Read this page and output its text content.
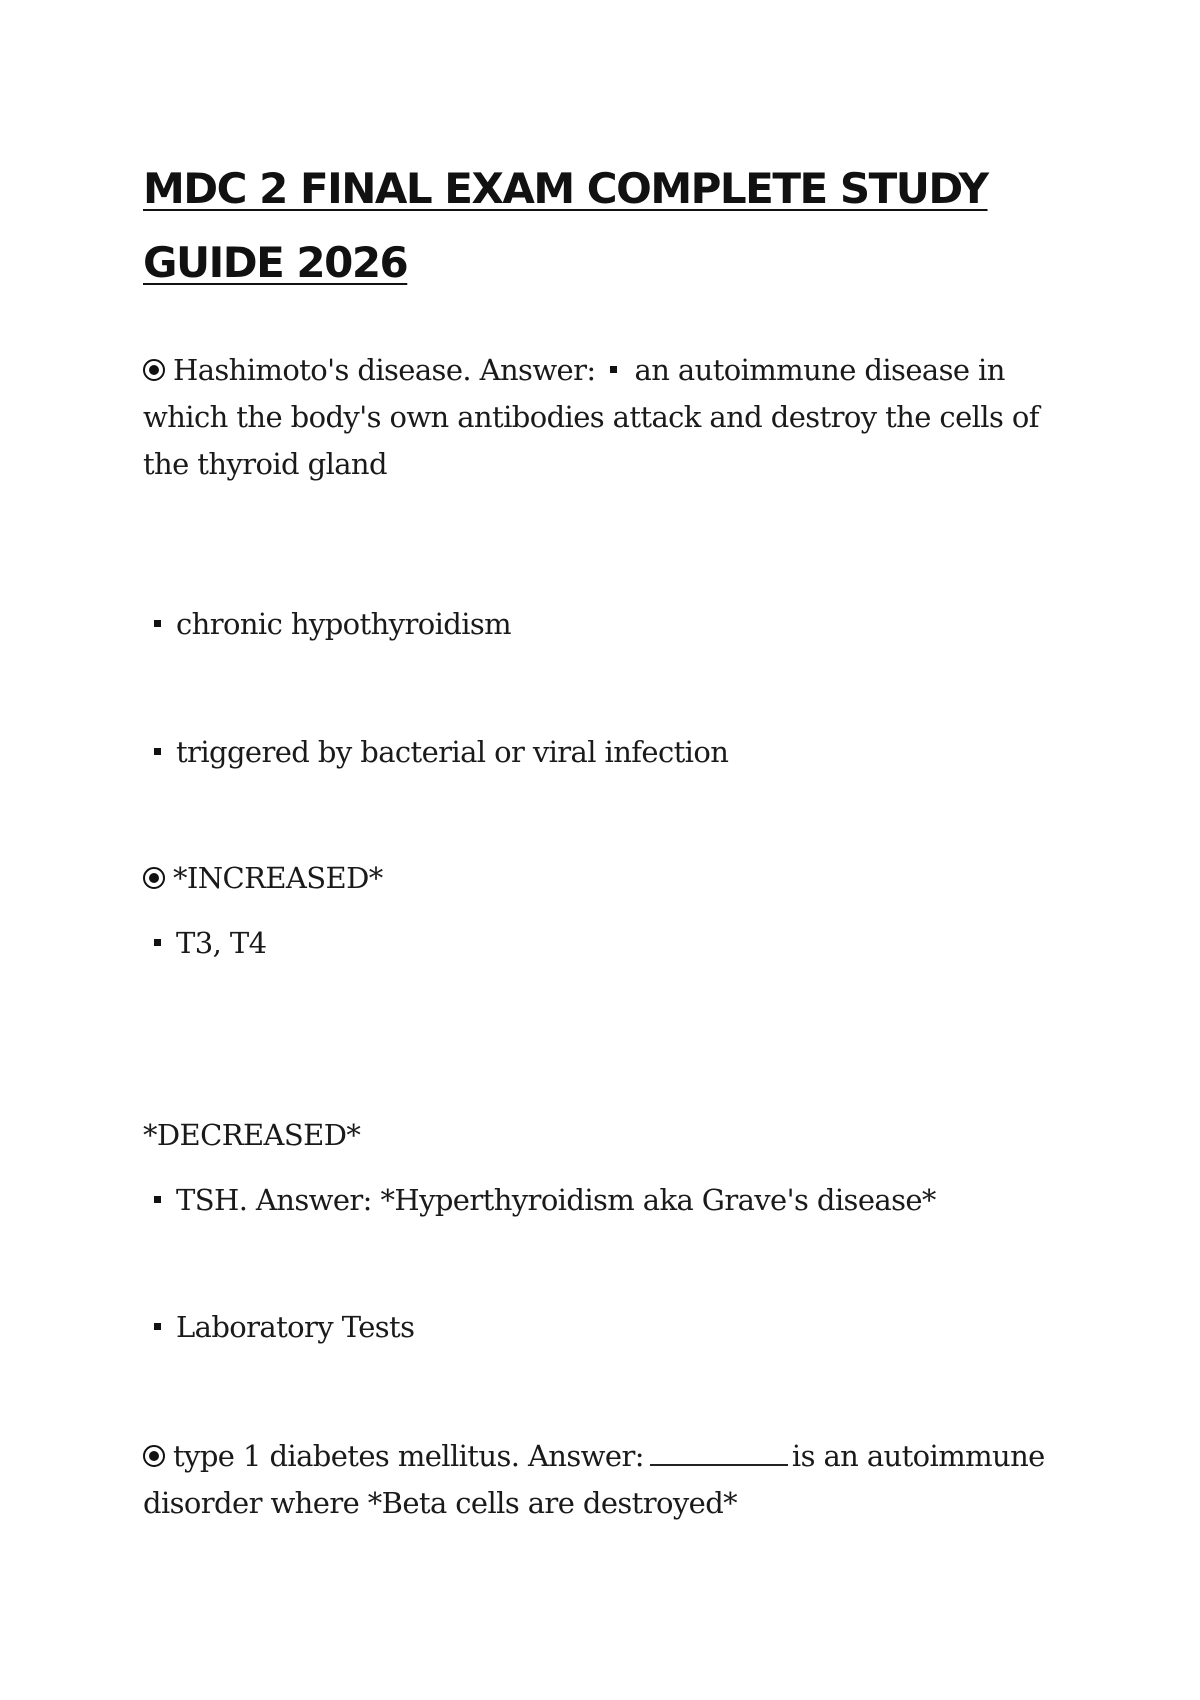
MDC 2 FINAL EXAM COMPLETE STUDY GUIDE 2026
Hashimoto's disease. Answer: an autoimmune disease in which the body's own antibodies attack and destroy the cells of the thyroid gland
chronic hypothyroidism
triggered by bacterial or viral infection
*INCREASED*
T3, T4
*DECREASED*
TSH. Answer: *Hyperthyroidism aka Grave's disease*
Laboratory Tests
type 1 diabetes mellitus. Answer:	is an autoimmune disorder where *Beta cells are destroyed*
